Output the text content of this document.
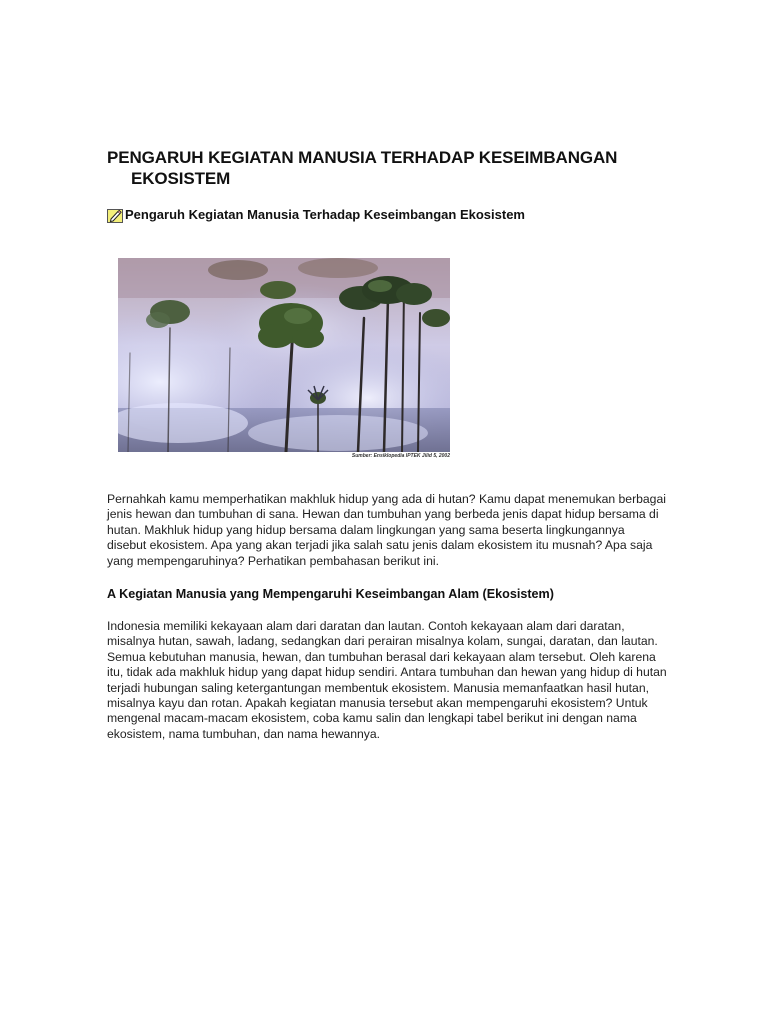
PENGARUH KEGIATAN MANUSIA TERHADAP KESEIMBANGAN
EKOSISTEM
Pengaruh Kegiatan Manusia Terhadap Keseimbangan Ekosistem
Sumber: Ensiklopedia IPTEK Jilid 5, 2002

Pernahkah kamu memperhatikan makhluk hidup yang ada di hutan? Kamu dapat menemukan berbagai jenis hewan dan tumbuhan di sana. Hewan dan tumbuhan yang berbeda jenis dapat hidup bersama di hutan. Makhluk hidup yang hidup bersama dalam lingkungan yang sama beserta lingkungannya disebut ekosistem. Apa yang akan terjadi jika salah satu jenis dalam ekosistem itu musnah? Apa saja yang mempengaruhinya? Perhatikan pembahasan berikut ini.

A Kegiatan Manusia yang Mempengaruhi Keseimbangan Alam (Ekosistem)

Indonesia memiliki kekayaan alam dari daratan dan lautan. Contoh kekayaan alam dari daratan, misalnya hutan, sawah, ladang, sedangkan dari perairan misalnya kolam, sungai, daratan, dan lautan. Semua kebutuhan manusia, hewan, dan tumbuhan berasal dari kekayaan alam tersebut. Oleh karena itu, tidak ada makhluk hidup yang dapat hidup sendiri. Antara tumbuhan dan hewan yang hidup di hutan terjadi hubungan saling ketergantungan membentuk ekosistem. Manusia memanfaatkan hasil hutan, misalnya kayu dan rotan. Apakah kegiatan manusia tersebut akan mempengaruhi ekosistem? Untuk mengenal macam-macam ekosistem, coba kamu salin dan lengkapi tabel berikut ini dengan nama ekosistem, nama tumbuhan, dan nama hewannya.
